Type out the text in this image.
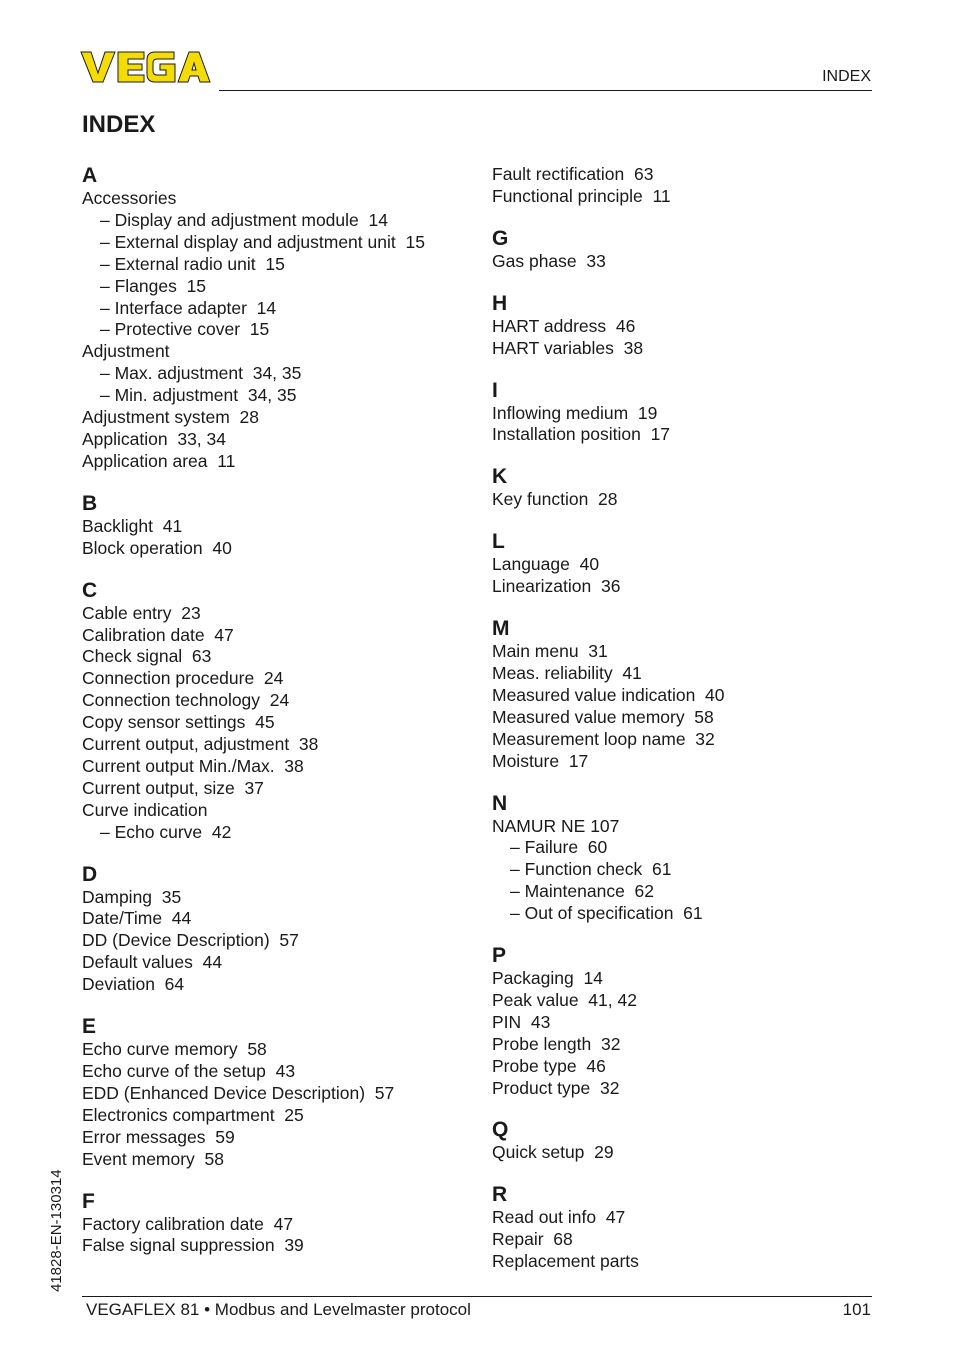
INDEX
INDEX
A
Accessories
– Display and adjustment module  14
– External display and adjustment unit  15
– External radio unit  15
– Flanges  15
– Interface adapter  14
– Protective cover  15
Adjustment
– Max. adjustment  34, 35
– Min. adjustment  34, 35
Adjustment system  28
Application  33, 34
Application area  11
B
Backlight  41
Block operation  40
C
Cable entry  23
Calibration date  47
Check signal  63
Connection procedure  24
Connection technology  24
Copy sensor settings  45
Current output, adjustment  38
Current output Min./Max.  38
Current output, size  37
Curve indication
– Echo curve  42
D
Damping  35
Date/Time  44
DD (Device Description)  57
Default values  44
Deviation  64
E
Echo curve memory  58
Echo curve of the setup  43
EDD (Enhanced Device Description)  57
Electronics compartment  25
Error messages  59
Event memory  58
F
Factory calibration date  47
False signal suppression  39
Fault rectification  63
Functional principle  11
G
Gas phase  33
H
HART address  46
HART variables  38
I
Inflowing medium  19
Installation position  17
K
Key function  28
L
Language  40
Linearization  36
M
Main menu  31
Meas. reliability  41
Measured value indication  40
Measured value memory  58
Measurement loop name  32
Moisture  17
N
NAMUR NE 107
– Failure  60
– Function check  61
– Maintenance  62
– Out of specification  61
P
Packaging  14
Peak value  41, 42
PIN  43
Probe length  32
Probe type  46
Product type  32
Q
Quick setup  29
R
Read out info  47
Repair  68
Replacement parts
VEGAFLEX 81 • Modbus and Levelmaster protocol	101
41828-EN-130314
